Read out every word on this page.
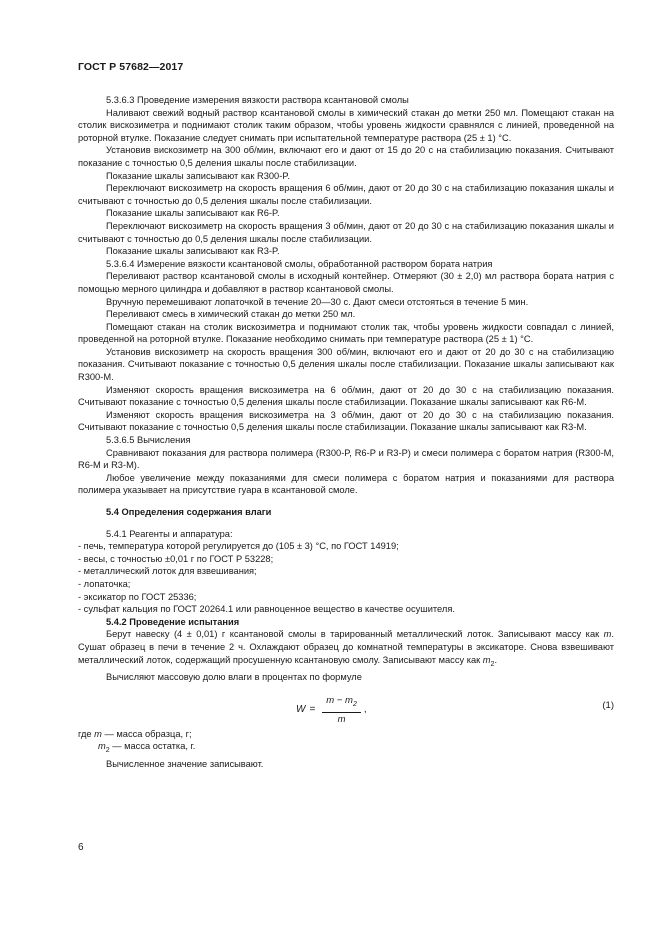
ГОСТ Р 57682—2017

5.3.6.3 Проведение измерения вязкости раствора ксантановой смолы

Наливают свежий водный раствор ксантановой смолы в химический стакан до метки 250 мл. Помещают стакан на столик вискозиметра и поднимают столик таким образом, чтобы уровень жидкости сравнялся с линией, проведенной на роторной втулке. Показание следует снимать при испытательной температуре раствора (25 ± 1) °С.

Установив вискозиметр на 300 об/мин, включают его и дают от 15 до 20 с на стабилизацию показания. Считывают показание с точностью 0,5 деления шкалы после стабилизации.

Показание шкалы записывают как R300-P.

Переключают вискозиметр на скорость вращения 6 об/мин, дают от 20 до 30 с на стабилизацию показания шкалы и считывают с точностью до 0,5 деления шкалы после стабилизации.

Показание шкалы записывают как R6-P.

Переключают вискозиметр на скорость вращения 3 об/мин, дают от 20 до 30 с на стабилизацию показания шкалы и считывают с точностью до 0,5 деления шкалы после стабилизации.

Показание шкалы записывают как R3-P.

5.3.6.4 Измерение вязкости ксантановой смолы, обработанной раствором бората натрия

Переливают раствор ксантановой смолы в исходный контейнер. Отмеряют (30 ± 2,0) мл раствора бората натрия с помощью мерного цилиндра и добавляют в раствор ксантановой смолы.

Вручную перемешивают лопаточкой в течение 20—30 с. Дают смеси отстояться в течение 5 мин.

Переливают смесь в химический стакан до метки 250 мл.

Помещают стакан на столик вискозиметра и поднимают столик так, чтобы уровень жидкости совпадал с линией, проведенной на роторной втулке. Показание необходимо снимать при температуре раствора (25 ± 1) °С.

Установив вискозиметр на скорость вращения 300 об/мин, включают его и дают от 20 до 30 с на стабилизацию показания. Считывают показание с точностью 0,5 деления шкалы после стабилизации. Показание шкалы записывают как R300-M.

Изменяют скорость вращения вискозиметра на 6 об/мин, дают от 20 до 30 с на стабилизацию показания. Считывают показание с точностью 0,5 деления шкалы после стабилизации. Показание шкалы записывают как R6-M.

Изменяют скорость вращения вискозиметра на 3 об/мин, дают от 20 до 30 с на стабилизацию показания. Считывают показание с точностью 0,5 деления шкалы после стабилизации. Показание шкалы записывают как R3-M.

5.3.6.5 Вычисления

Сравнивают показания для раствора полимера (R300-P, R6-P и R3-P) и смеси полимера с боратом натрия (R300-M, R6-M и R3-M).

Любое увеличение между показаниями для смеси полимера с боратом натрия и показаниями для раствора полимера указывает на присутствие гуара в ксантановой смоле.

5.4 Определения содержания влаги

5.4.1 Реагенты и аппаратура:

- печь, температура которой регулируется до (105 ± 3) °С, по ГОСТ 14919;

- весы, с точностью ±0,01 г по ГОСТ Р 53228;

- металлический лоток для взвешивания;

- лопаточка;

- эксикатор по ГОСТ 25336;

- сульфат кальция по ГОСТ 20264.1 или равноценное вещество в качестве осушителя.

5.4.2 Проведение испытания

Берут навеску (4 ± 0,01) г ксантановой смолы в тарированный металлический лоток. Записывают массу как m. Сушат образец в печи в течение 2 ч. Охлаждают образец до комнатной температуры в эксикаторе. Снова взвешивают металлический лоток, содержащий просушенную ксантановую смолу. Записывают массу как $m_2$.

Вычисляют массовую долю влаги в процентах по формуле

$W = \frac{m - m_2}{m}$ ,	(1)

где m — масса образца, г;

$m_2$ — масса остатка, г.

Вычисленное значение записывают.

6
